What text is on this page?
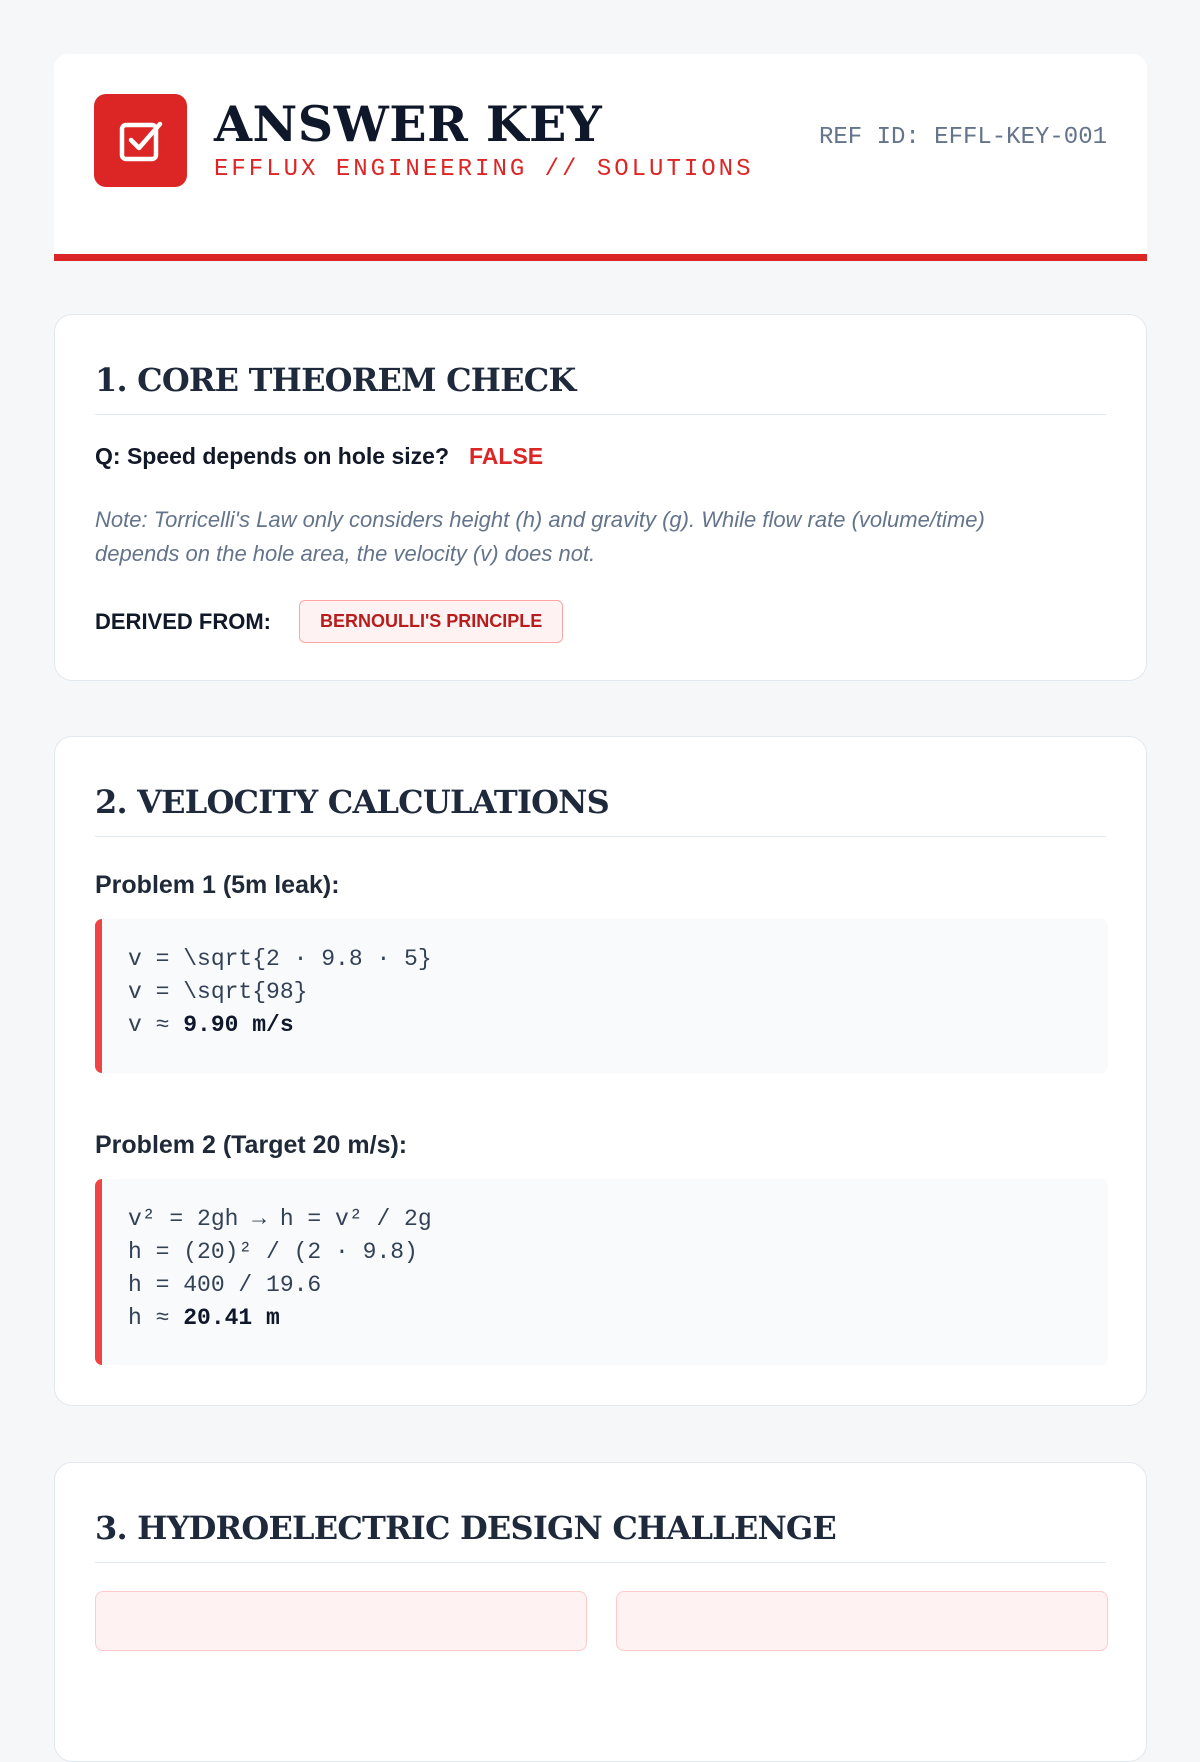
ANSWER KEY
EFFLUX ENGINEERING // SOLUTIONS
REF ID: EFFL-KEY-001
1. CORE THEOREM CHECK
Q: Speed depends on hole size? FALSE
Note: Torricelli's Law only considers height (h) and gravity (g). While flow rate (volume/time) depends on the hole area, the velocity (v) does not.
DERIVED FROM:	BERNOULLI'S PRINCIPLE
2. VELOCITY CALCULATIONS
Problem 1 (5m leak):
v = \sqrt{2 · 9.8 · 5}
v = \sqrt{98}
v ≈ 9.90 m/s
Problem 2 (Target 20 m/s):
v² = 2gh → h = v² / 2g
h = (20)² / (2 · 9.8)
h = 400 / 19.6
h ≈ 20.41 m
3. HYDROELECTRIC DESIGN CHALLENGE
